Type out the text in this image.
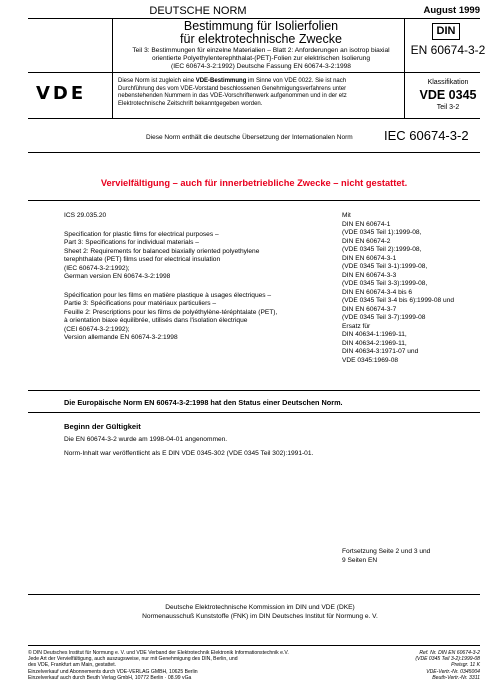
DEUTSCHE NORM	August 1999
Bestimmung für Isolierfolien
für elektrotechnische Zwecke
Teil 3: Bestimmungen für einzelne Materialien – Blatt 2: Anforderungen an isotrop biaxial
orientierte Polyethylenterephthalat-(PET)-Folien zur elektrischen Isolierung
(IEC 60674-3-2:1992) Deutsche Fassung EN 60674-3-2:1998
DIN
EN 60674-3-2
VDE
Diese Norm ist zugleich eine VDE-Bestimmung im Sinne von VDE 0022. Sie ist nach
Durchführung des vom VDE-Vorstand beschlossenen Genehmigungsverfahrens unter
nebenstehenden Nummern in das VDE-Vorschriftenwerk aufgenommen und in der etz
Elektrotechnische Zeitschrift bekanntgegeben worden.
Klassifikation
VDE 0345
Teil 3-2
Diese Norm enthält die deutsche Übersetzung der Internationalen Norm IEC 60674-3-2
Vervielfältigung – auch für innerbetriebliche Zwecke – nicht gestattet.
ICS 29.035.20
Specification for plastic films for electrical purposes –
Part 3: Specifications for individual materials –
Sheet 2: Requirements for balanced biaxially oriented polyethylene
terephthalate (PET) films used for electrical insulation
(IEC 60674-3-2:1992);
German version EN 60674-3-2:1998
Spécification pour les films en matière plastique à usages électriques –
Partie 3: Spécifications pour matériaux particuliers –
Feuille 2: Prescriptions pour les films de polyéthylène-téréphtalate (PET),
à orientation biaxe équilibrée, utilisés dans l'isolation électrique
(CEI 60674-3-2:1992);
Version allemande EN 60674-3-2:1998
Mit
DIN EN 60674-1
(VDE 0345 Teil 1):1999-08,
DIN EN 60674-2
(VDE 0345 Teil 2):1999-08,
DIN EN 60674-3-1
(VDE 0345 Teil 3-1):1999-08,
DIN EN 60674-3-3
(VDE 0345 Teil 3-3):1999-08,
DIN EN 60674-3-4 bis 6
(VDE 0345 Teil 3-4 bis 6):1999-08 und
DIN EN 60674-3-7
(VDE 0345 Teil 3-7):1999-08
Ersatz für
DIN 40634-1:1969-11,
DIN 40634-2:1969-11,
DIN 40634-3:1971-07 und
VDE 0345:1969-08
Die Europäische Norm EN 60674-3-2:1998 hat den Status einer Deutschen Norm.
Beginn der Gültigkeit
Die EN 60674-3-2 wurde am 1998-04-01 angenommen.
Norm-Inhalt war veröffentlicht als E DIN VDE 0345-302 (VDE 0345 Teil 302):1991-01.
Fortsetzung Seite 2 und 3 und
9 Seiten EN
Deutsche Elektrotechnische Kommission im DIN und VDE (DKE)
Normenausschuß Kunststoffe (FNK) im DIN Deutsches Institut für Normung e. V.
© DIN Deutsches Institut für Normung e. V. und VDE Verband der Elektrotechnik Elektronik Informationstechnik e.V.
Jede Art der Vervielfältigung, auch auszugsweise, nur mit Genehmigung des DIN, Berlin, und
des VDE, Frankfurt am Main, gestattet.
Einzelverkauf und Abonnements durch VDE-VERLAG GMBH, 10625 Berlin
Einzelverkauf auch durch Beuth Verlag GmbH, 10772 Berlin · 08.99 vGa
Ref. Nr. DIN EN 60674-3-2
(VDE 0345 Teil 3-2):1999-08
Preisgr. 11 K
VDE-Vertr.-Nr. 0345004
Beuth-Vertr.-Nr. 3311
